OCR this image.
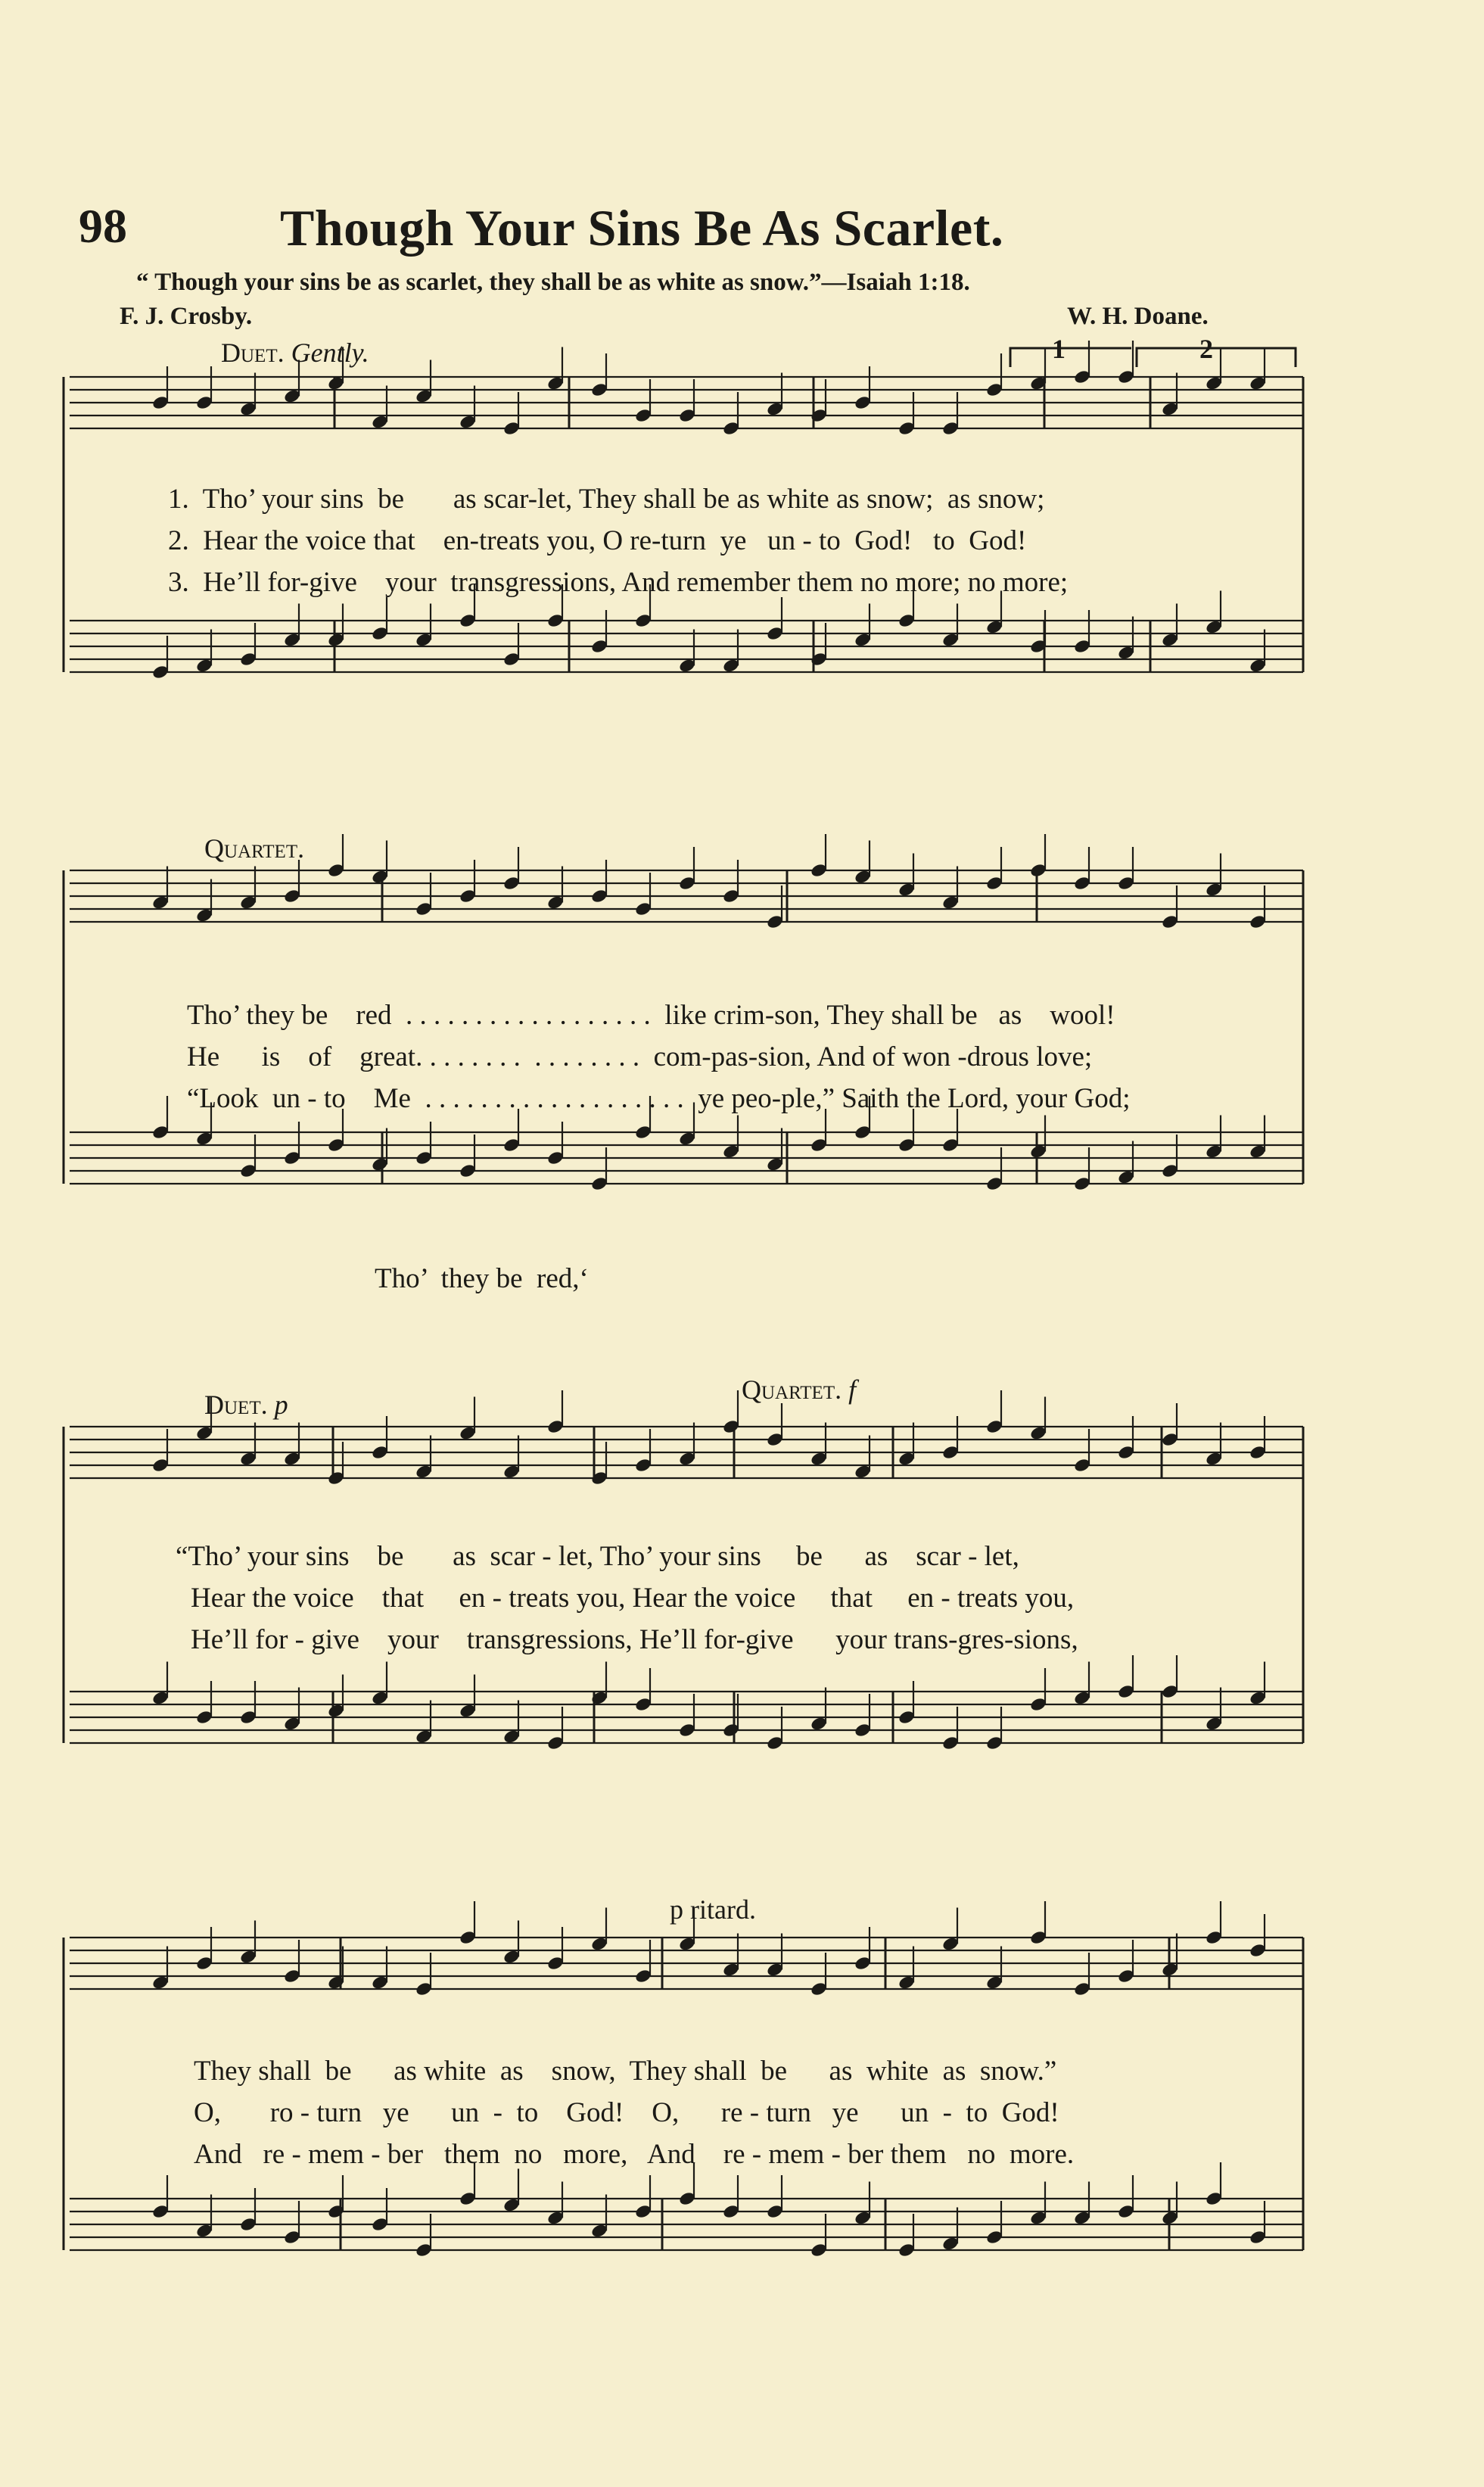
98	Though Your Sins Be As Scarlet.
“ Though your sins be as scarlet, they shall be as white as snow.”—Isaiah 1:18.
F. J. Crosby.	W. H. Doane.
Duet. Gently.	1	2
Quartet.
Duet. p	Quartet. f
p ritard.
1.  Tho’ your sins  be       as scar-let, They shall be as white as snow;  as snow;
2.  Hear the voice that    en-treats you, O re-turn  ye   un - to  God!   to  God!
3.  He’ll for-give    your  transgressions, And remember them no more; no more;
Tho’ they be    red  . . . . . . . . . . . . . . . . . .  like crim-son, They shall be   as    wool!
He      is    of    great. . . . . . . .  . . . . . . . .  com-pas-sion, And of won -drous love;
“Look  un - to    Me  . . . . . . . . . . . . . . . . . . .  ye peo-ple,” Saith the Lord, your God;
Tho’  they be  red,‘
“Tho’ your sins    be       as  scar - let, Tho’ your sins     be      as    scar - let,
Hear the voice    that     en - treats you, Hear the voice     that     en - treats you,
He’ll for - give    your    transgressions, He’ll for-give      your trans-gres-sions,
They shall  be      as white  as    snow,  They shall  be      as  white  as  snow.”
O,       ro - turn   ye      un  -  to    God!    O,      re - turn   ye      un  -  to  God!
And   re - mem - ber   them  no   more,   And    re - mem - ber them   no  more.
